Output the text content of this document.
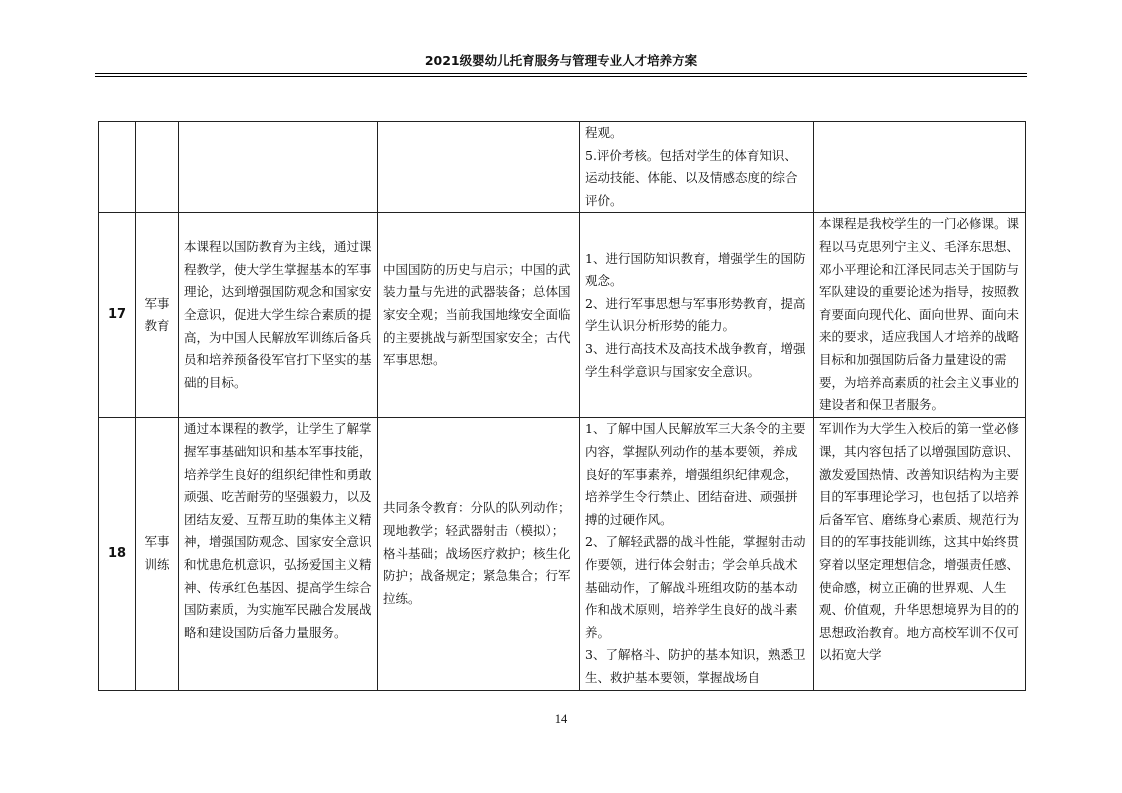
2021级婴幼儿托育服务与管理专业人才培养方案

				程观。
5.评价考核。包括对学生的体育知识、运动技能、体能、以及情感态度的综合评价。	

17	军事教育	本课程以国防教育为主线，通过课程教学，使大学生掌握基本的军事理论，达到增强国防观念和国家安全意识，促进大学生综合素质的提高，为中国人民解放军训练后备兵员和培养预备役军官打下坚实的基础的目标。	中国国防的历史与启示；中国的武装力量与先进的武器装备；总体国家安全观；当前我国地缘安全面临的主要挑战与新型国家安全；古代军事思想。	1、进行国防知识教育，增强学生的国防观念。
2、进行军事思想与军事形势教育，提高学生认识分析形势的能力。
3、进行高技术及高技术战争教育，增强学生科学意识与国家安全意识。	本课程是我校学生的一门必修课。课程以马克思列宁主义、毛泽东思想、邓小平理论和江泽民同志关于国防与军队建设的重要论述为指导，按照教育要面向现代化、面向世界、面向未来的要求，适应我国人才培养的战略目标和加强国防后备力量建设的需要，为培养高素质的社会主义事业的建设者和保卫者服务。
18	军事训练	通过本课程的教学，让学生了解掌握军事基础知识和基本军事技能，培养学生良好的组织纪律性和勇敢顽强、吃苦耐劳的坚强毅力，以及团结友爱、互帮互助的集体主义精神，增强国防观念、国家安全意识和忧患危机意识，弘扬爱国主义精神、传承红色基因、提高学生综合国防素质，为实施军民融合发展战略和建设国防后备力量服务。	共同条令教育：分队的队列动作；现地教学；轻武器射击（模拟）；格斗基础；战场医疗救护；核生化防护；战备规定；紧急集合；行军拉练。	1、了解中国人民解放军三大条令的主要内容，掌握队列动作的基本要领，养成良好的军事素养，增强组织纪律观念，培养学生令行禁止、团结奋进、顽强拼搏的过硬作风。
2、了解轻武器的战斗性能，掌握射击动作要领，进行体会射击；学会单兵战术基础动作，了解战斗班组攻防的基本动作和战术原则，培养学生良好的战斗素养。
3、了解格斗、防护的基本知识，熟悉卫生、救护基本要领，掌握战场自	军训作为大学生入校后的第一堂必修课，其内容包括了以增强国防意识、激发爱国热情、改善知识结构为主要目的军事理论学习，也包括了以培养后备军官、磨练身心素质、规范行为目的的军事技能训练，这其中始终贯穿着以坚定理想信念，增强责任感、使命感，树立正确的世界观、人生观、价值观，升华思想境界为目的的思想政治教育。地方高校军训不仅可以拓宽大学
14
